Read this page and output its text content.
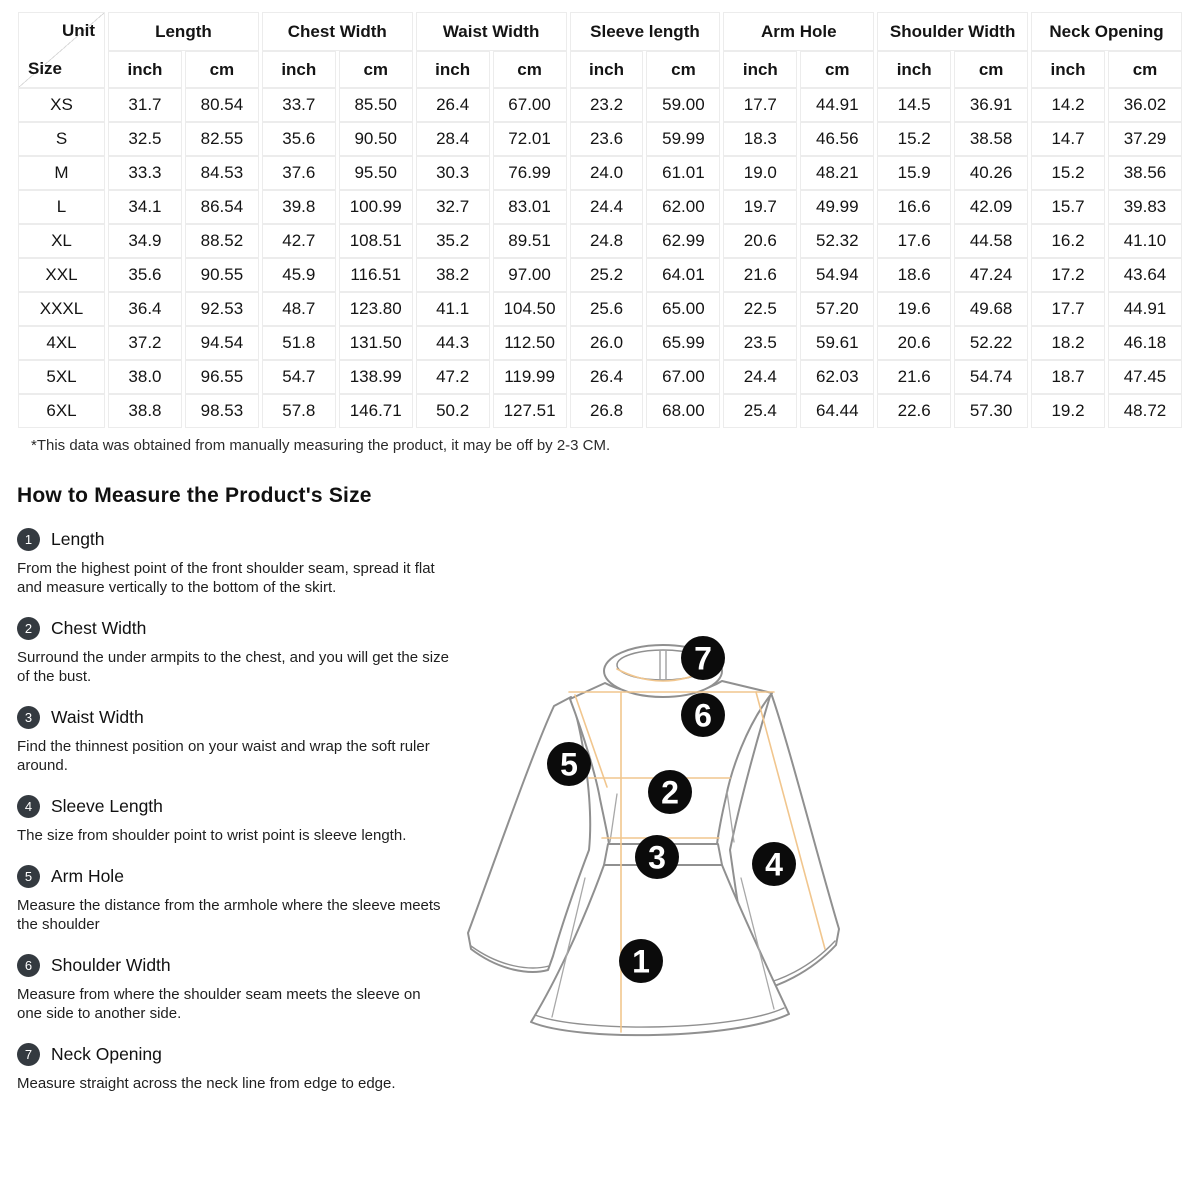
Unit
Size	Length		Chest Width		Waist Width		Sleeve length		Arm Hole		Shoulder Width		Neck Opening	
	inch	cm	inch	cm	inch	cm	inch	cm	inch	cm	inch	cm	inch	cm
XS	31.7	80.54	33.7	85.50	26.4	67.00	23.2	59.00	17.7	44.91	14.5	36.91	14.2	36.02
S	32.5	82.55	35.6	90.50	28.4	72.01	23.6	59.99	18.3	46.56	15.2	38.58	14.7	37.29
M	33.3	84.53	37.6	95.50	30.3	76.99	24.0	61.01	19.0	48.21	15.9	40.26	15.2	38.56
L	34.1	86.54	39.8	100.99	32.7	83.01	24.4	62.00	19.7	49.99	16.6	42.09	15.7	39.83
XL	34.9	88.52	42.7	108.51	35.2	89.51	24.8	62.99	20.6	52.32	17.6	44.58	16.2	41.10
XXL	35.6	90.55	45.9	116.51	38.2	97.00	25.2	64.01	21.6	54.94	18.6	47.24	17.2	43.64
XXXL	36.4	92.53	48.7	123.80	41.1	104.50	25.6	65.00	22.5	57.20	19.6	49.68	17.7	44.91
4XL	37.2	94.54	51.8	131.50	44.3	112.50	26.0	65.99	23.5	59.61	20.6	52.22	18.2	46.18
5XL	38.0	96.55	54.7	138.99	47.2	119.99	26.4	67.00	24.4	62.03	21.6	54.74	18.7	47.45
6XL	38.8	98.53	57.8	146.71	50.2	127.51	26.8	68.00	25.4	64.44	22.6	57.30	19.2	48.72
*This data was obtained from manually measuring the product, it may be off by 2-3 CM.
How to Measure the Product's Size
1	Length
From the highest point of the front shoulder seam, spread it flat and measure vertically to the bottom of the skirt.
2	Chest Width
Surround the under armpits to the chest, and you will get the size of the bust.
3	Waist Width
Find the thinnest position on your waist and wrap the soft ruler around.
4	Sleeve Length
The size from shoulder point to wrist point is sleeve length.
5	Arm Hole
Measure the distance from the armhole where the sleeve meets the shoulder
6	Shoulder Width
Measure from where the shoulder seam meets the sleeve on one side to another side.
7	Neck Opening
Measure straight across the neck line from edge to edge.
1
2
3	4
5
6
7
